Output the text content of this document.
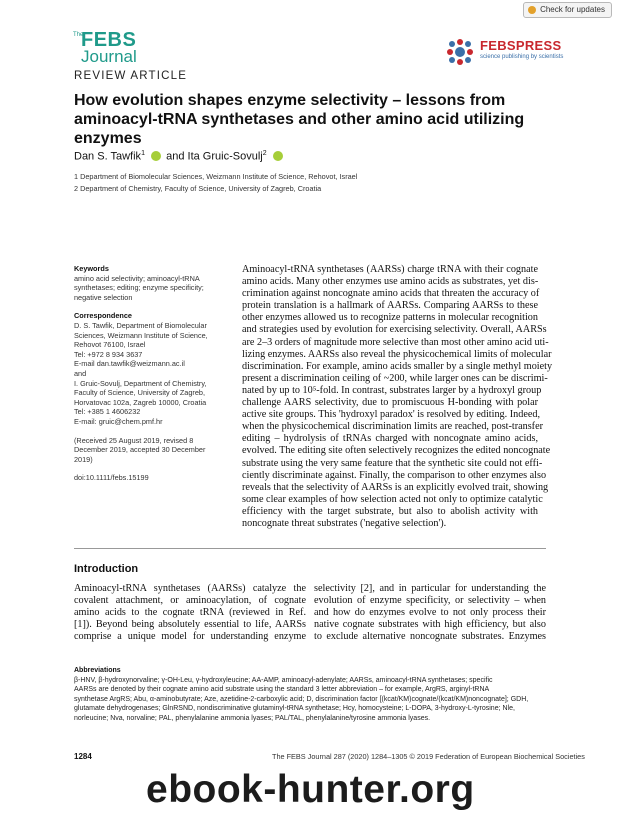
Check for updates
The
FEBS
Journal
FEBSPRESS
science publishing by scientists
REVIEW ARTICLE
How evolution shapes enzyme selectivity – lessons from aminoacyl-tRNA synthetases and other amino acid utilizing enzymes
Dan S. Tawfik$^1$ and Ita Gruic-Sovulj$^2$
1 Department of Biomolecular Sciences, Weizmann Institute of Science, Rehovot, Israel
2 Department of Chemistry, Faculty of Science, University of Zagreb, Croatia

Keywords

amino acid selectivity; aminoacyl-tRNA

synthetases; editing; enzyme specificity;

negative selection

Correspondence

D. S. Tawfik, Department of Biomolecular

Sciences, Weizmann Institute of Science,

Rehovot 76100, Israel

Tel: +972 8 934 3637

E-mail dan.tawfik@weizmann.ac.il

and

I. Gruic-Sovulj, Department of Chemistry,

Faculty of Science, University of Zagreb,

Horvatovac 102a, Zagreb 10000, Croatia

Tel: +385 1 4606232

E-mail: gruic@chem.pmf.hr

(Received 25 August 2019, revised 8

December 2019, accepted 30 December

2019)

doi:10.1111/febs.15199

Aminoacyl-tRNA synthetases (AARSs) charge tRNA with their cognate
amino acids. Many other enzymes use amino acids as substrates, yet dis-
crimination against noncognate amino acids that threaten the accuracy of
protein translation is a hallmark of AARSs. Comparing AARSs to these
other enzymes allowed us to recognize patterns in molecular recognition
and strategies used by evolution for exercising selectivity. Overall, AARSs
are 2–3 orders of magnitude more selective than most other amino acid uti-
lizing enzymes. AARSs also reveal the physicochemical limits of molecular
discrimination. For example, amino acids smaller by a single methyl moiety
present a discrimination ceiling of ~200, while larger ones can be discrimi-
nated by up to 10⁵-fold. In contrast, substrates larger by a hydroxyl group
challenge AARS selectivity, due to promiscuous H-bonding with polar
active site groups. This 'hydroxyl paradox' is resolved by editing. Indeed,
when the physicochemical discrimination limits are reached, post-transfer
editing – hydrolysis of tRNAs charged with noncognate amino acids,
evolved. The editing site often selectively recognizes the edited noncognate
substrate using the very same feature that the synthetic site could not effi-
ciently discriminate against. Finally, the comparison to other enzymes also
reveals that the selectivity of AARSs is an explicitly evolved trait, showing
some clear examples of how selection acted not only to optimize catalytic
efficiency with the target substrate, but also to abolish activity with
noncognate threat substrates ('negative selection').
Introduction
Aminoacyl-tRNA synthetases (AARSs) catalyze the
covalent attachment, or aminoacylation, of cognate
amino acids to the cognate tRNA (reviewed in Ref.
[1]). Beyond being absolutely essential to life, AARSs
comprise a unique model for understanding enzyme
selectivity [2], and in particular for understanding the
evolution of enzyme specificity, or selectivity – when
and how do enzymes evolve to not only process their
native cognate substrates with high efficiency, but also
to exclude alternative noncognate substrates. Enzymes

Abbreviations

β-HNV, β-hydroxynorvaline; γ-OH-Leu, γ-hydroxyleucine; AA-AMP, aminoacyl-adenylate; AARSs, aminoacyl-tRNA synthetases; specific
AARSs are denoted by their cognate amino acid substrate using the standard 3 letter abbreviation – for example, ArgRS, arginyl-tRNA
synthetase ArgRS; Abu, α-aminobutyrate; Aze, azetidine-2-carboxylic acid; D, discrimination factor [(kcat/KM)cognate/(kcat/KM)noncognate]; GDH,
glutamate dehydrogenases; GlnRSND, nondiscriminative glutaminyl-tRNA synthetase; Hcy, homocysteine; L-DOPA, 3-hydroxy-L-tyrosine; Nle,
norleucine; Nva, norvaline; PAL, phenylalanine ammonia lyases; PAL/TAL, phenylalanine/tyrosine ammonia lyases.
1284	The FEBS Journal 287 (2020) 1284–1305 © 2019 Federation of European Biochemical Societies
ebook-hunter.org
